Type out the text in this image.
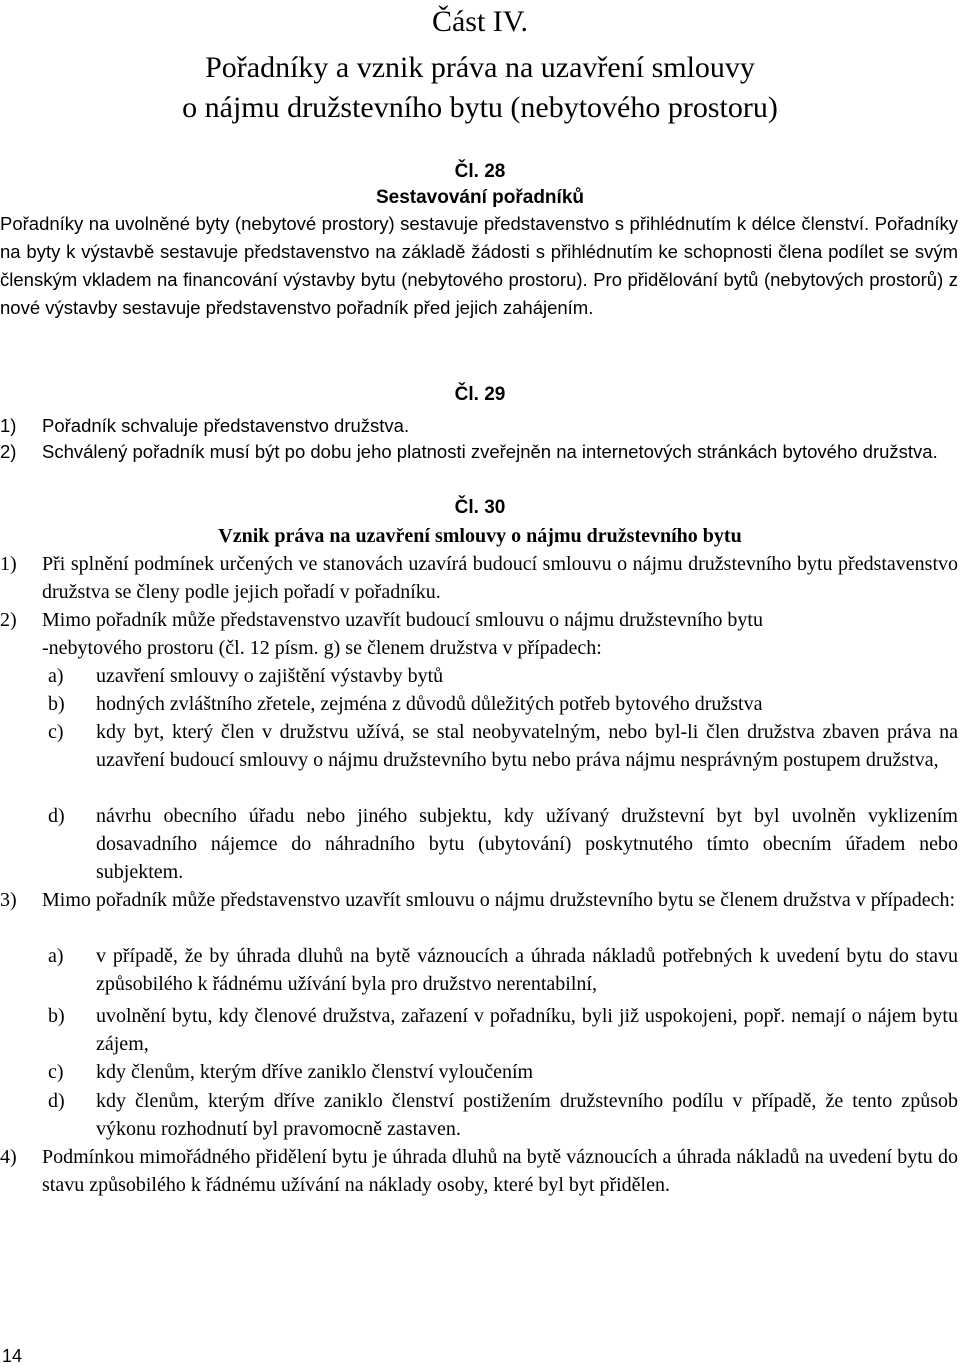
Část IV.
Pořadníky a vznik práva na uzavření smlouvy
o nájmu družstevního bytu (nebytového prostoru)
Čl. 28
Sestavování pořadníků
Pořadníky na uvolněné byty (nebytové prostory) sestavuje představenstvo s přihlédnutím k délce členství. Pořadníky na byty k výstavbě sestavuje představenstvo na základě žádosti s přihlédnutím ke schopnosti člena podílet se svým členským vkladem na financování výstavby bytu (nebytového prostoru). Pro přidělování bytů (nebytových prostorů) z nové výstavby sestavuje představenstvo pořadník před jejich zahájením.
Čl. 29
1) Pořadník schvaluje představenstvo družstva.
2) Schválený pořadník musí být po dobu jeho platnosti zveřejněn na internetových stránkách bytového družstva.
Čl. 30
Vznik práva na uzavření smlouvy o nájmu družstevního bytu
1) Při splnění podmínek určených ve stanovách uzavírá budoucí smlouvu o nájmu družstevního bytu představenstvo družstva se členy podle jejich pořadí v pořadníku.
2) Mimo pořadník může představenstvo uzavřít budoucí smlouvu o nájmu družstevního bytu
-nebytového prostoru (čl. 12 písm. g) se členem družstva v případech:
a) uzavření smlouvy o zajištění výstavby bytů
b) hodných zvláštního zřetele, zejména z důvodů důležitých potřeb bytového družstva
c) kdy byt, který člen v družstvu užívá, se stal neobyvatelným, nebo byl-li člen družstva zbaven práva na uzavření budoucí smlouvy o nájmu družstevního bytu nebo práva nájmu nesprávným postupem družstva,
d) návrhu obecního úřadu nebo jiného subjektu, kdy užívaný družstevní byt byl uvolněn vyklizením dosavadního nájemce do náhradního bytu (ubytování) poskytnutého tímto obecním úřadem nebo subjektem.
3) Mimo pořadník může představenstvo uzavřít smlouvu o nájmu družstevního bytu se členem družstva v případech:
a) v případě, že by úhrada dluhů na bytě váznoucích a úhrada nákladů potřebných k uvedení bytu do stavu způsobilého k řádnému užívání byla pro družstvo nerentabilní,
b) uvolnění bytu, kdy členové družstva, zařazení v pořadníku, byli již uspokojeni, popř. nemají o nájem bytu zájem,
c) kdy členům, kterým dříve zaniklo členství vyloučením
d) kdy členům, kterým dříve zaniklo členství postižením družstevního podílu v případě, že tento způsob výkonu rozhodnutí byl pravomocně zastaven.
4) Podmínkou mimořádného přidělení bytu je úhrada dluhů na bytě váznoucích a úhrada nákladů na uvedení bytu do stavu způsobilého k řádnému užívání na náklady osoby, které byl byt přidělen.
14
